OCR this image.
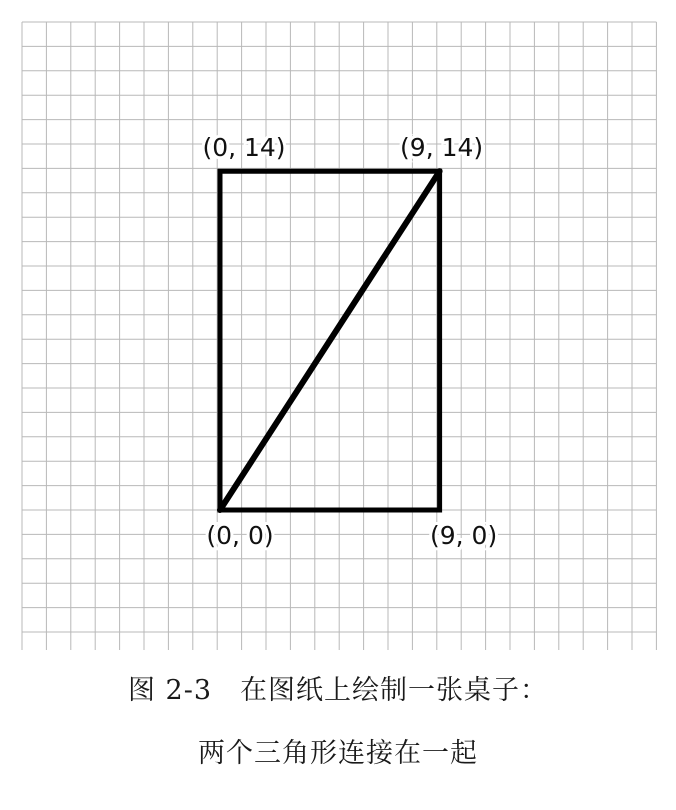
(0, 0)	(9, 0)
(9, 14)
(0, 14)
图 2-3 在图纸上绘制一张桌子：
两个三角形连接在一起
